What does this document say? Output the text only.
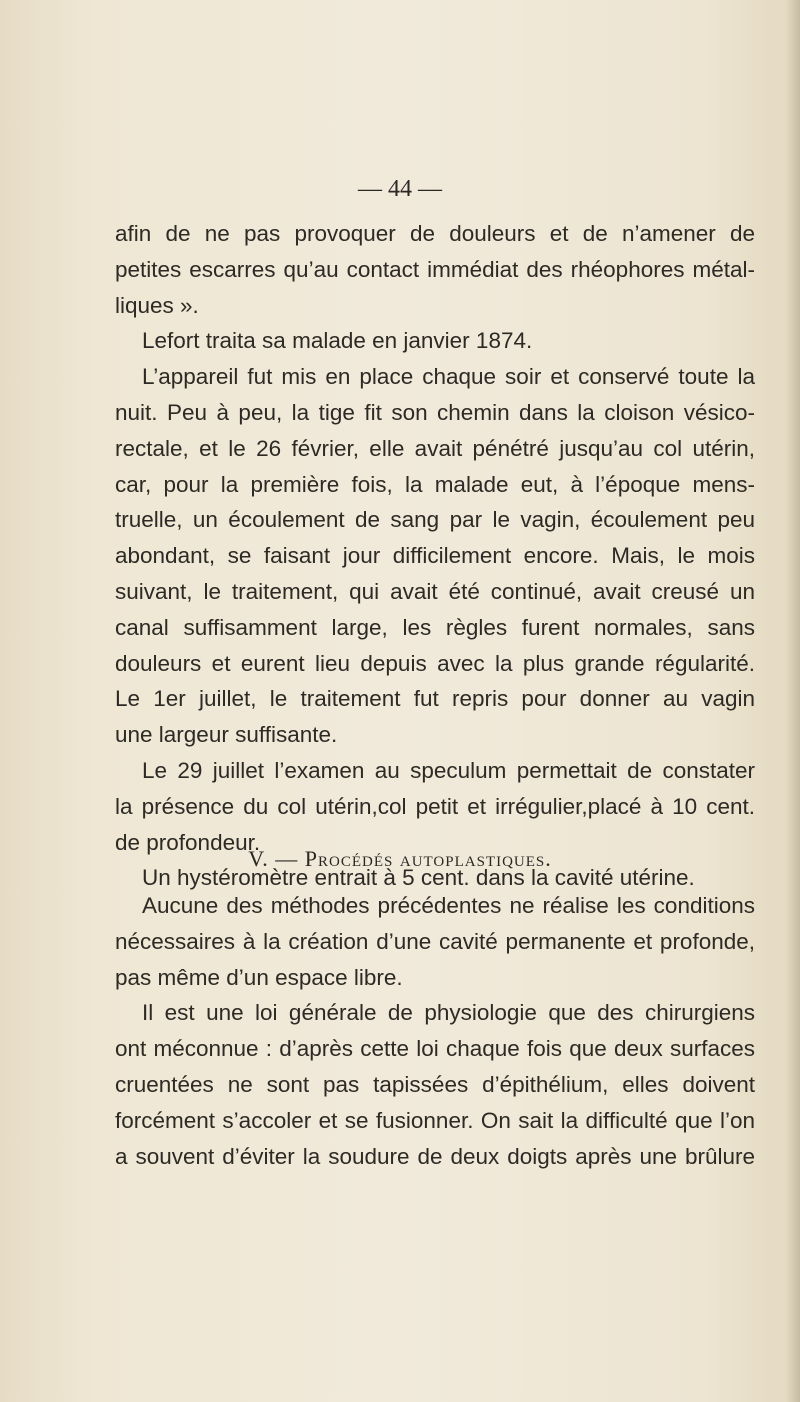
— 44 —
afin de ne pas provoquer de douleurs et de n’amener de
petites escarres qu’au contact immédiat des rhéophores métal-
liques ».
Lefort traita sa malade en janvier 1874.
L’appareil fut mis en place chaque soir et conservé toute la
nuit. Peu à peu, la tige fit son chemin dans la cloison vésico-
rectale, et le 26 février, elle avait pénétré jusqu’au col utérin,
car, pour la première fois, la malade eut, à l’époque mens-
truelle, un écoulement de sang par le vagin, écoulement peu
abondant, se faisant jour difficilement encore. Mais, le mois
suivant, le traitement, qui avait été continué, avait creusé un
canal suffisamment large, les règles furent normales, sans
douleurs et eurent lieu depuis avec la plus grande régularité.
Le 1er juillet, le traitement fut repris pour donner au vagin
une largeur suffisante.
Le 29 juillet l’examen au speculum permettait de constater
la présence du col utérin,col petit et irrégulier,placé à 10 cent.
de profondeur.
Un hystéromètre entrait à 5 cent. dans la cavité utérine.
V. — Procédés autoplastiques.
Aucune des méthodes précédentes ne réalise les conditions
nécessaires à la création d’une cavité permanente et profonde,
pas même d’un espace libre.
Il est une loi générale de physiologie que des chirurgiens
ont méconnue : d’après cette loi chaque fois que deux surfaces
cruentées ne sont pas tapissées d’épithélium, elles doivent
forcément s’accoler et se fusionner. On sait la difficulté que l’on
a souvent d’éviter la soudure de deux doigts après une brûlure
